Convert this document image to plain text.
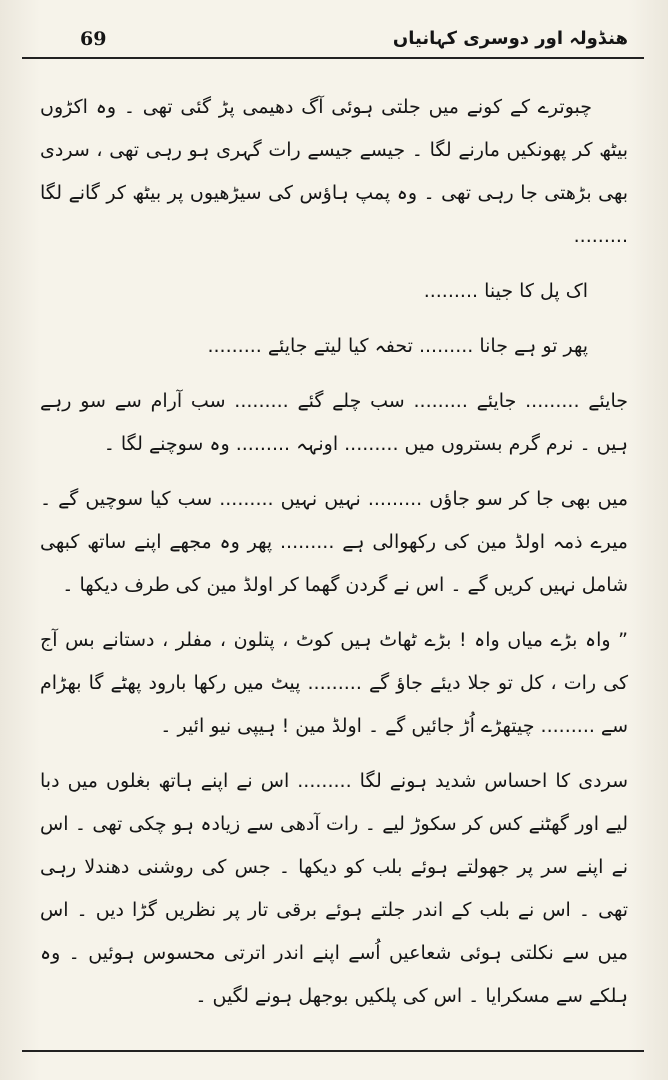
69	ھنڈولہ اور دوسری کہانیاں

چبوترے کے کونے میں جلتی ہوئی آگ دھیمی پڑ گئی تھی ۔ وہ اکڑوں بیٹھ کر پھونکیں مارنے لگا ۔ جیسے جیسے رات گہری ہو رہی تھی ، سردی بھی بڑھتی جا رہی تھی ۔ وہ پمپ ہاؤس کی سیڑھیوں پر بیٹھ کر گانے لگا .........

اک پل کا جینا .........

پھر تو ہے جانا ......... تحفہ کیا لیتے جایئے .........

جایئے ......... جایئے ......... سب چلے گئے ......... سب آرام سے سو رہے ہیں ۔ نرم گرم بستروں میں ......... اونہہ ......... وہ سوچنے لگا ۔

میں بھی جا کر سو جاؤں ......... نہیں نہیں ......... سب کیا سوچیں گے ۔ میرے ذمہ اولڈ مین کی رکھوالی ہے ......... پھر وہ مجھے اپنے ساتھ کبھی شامل نہیں کریں گے ۔ اس نے گردن گھما کر اولڈ مین کی طرف دیکھا ۔

” واہ بڑے میاں واہ ! بڑے ٹھاٹ ہیں کوٹ ، پتلون ، مفلر ، دستانے بس آج کی رات ، کل تو جلا دیئے جاؤ گے ......... پیٹ میں رکھا بارود پھٹے گا بھڑام سے ......... چیتھڑے اُڑ جائیں گے ۔ اولڈ مین ! ہیپی نیو ائیر ۔

سردی کا احساس شدید ہونے لگا ......... اس نے اپنے ہاتھ بغلوں میں دبا لیے اور گھٹنے کس کر سکوڑ لیے ۔ رات آدھی سے زیادہ ہو چکی تھی ۔ اس نے اپنے سر پر جھولتے ہوئے بلب کو دیکھا ۔ جس کی روشنی دھندلا رہی تھی ۔ اس نے بلب کے اندر جلتے ہوئے برقی تار پر نظریں گڑا دیں ۔ اس میں سے نکلتی ہوئی شعاعیں اُسے اپنے اندر اترتی محسوس ہوئیں ۔ وہ ہلکے سے مسکرایا ۔ اس کی پلکیں بوجھل ہونے لگیں ۔
